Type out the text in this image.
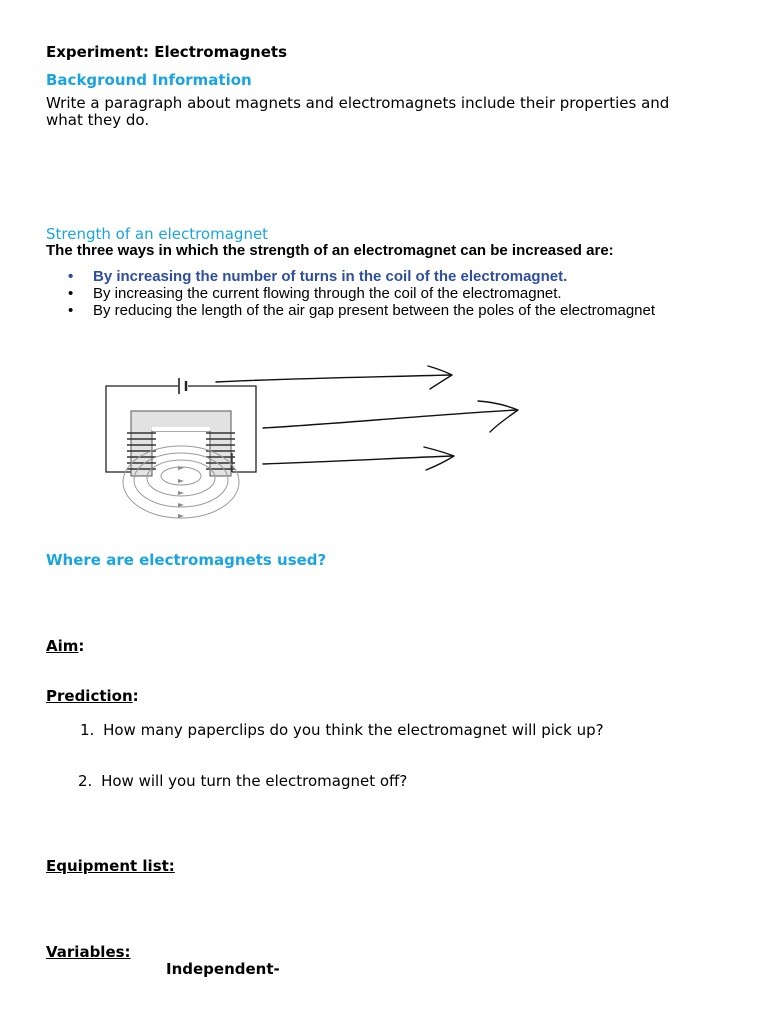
Experiment: Electromagnets
Background Information
Write a paragraph about magnets and electromagnets include their properties and
what they do.
Strength of an electromagnet
The three ways in which the strength of an electromagnet can be increased are:
• By increasing the number of turns in the coil of the electromagnet.
• By increasing the current flowing through the coil of the electromagnet.
• By reducing the length of the air gap present between the poles of the electromagnet
Where are electromagnets used?
Aim:
Prediction:
1. How many paperclips do you think the electromagnet will pick up?
2. How will you turn the electromagnet off?
Equipment list:
Variables:
Independent-
